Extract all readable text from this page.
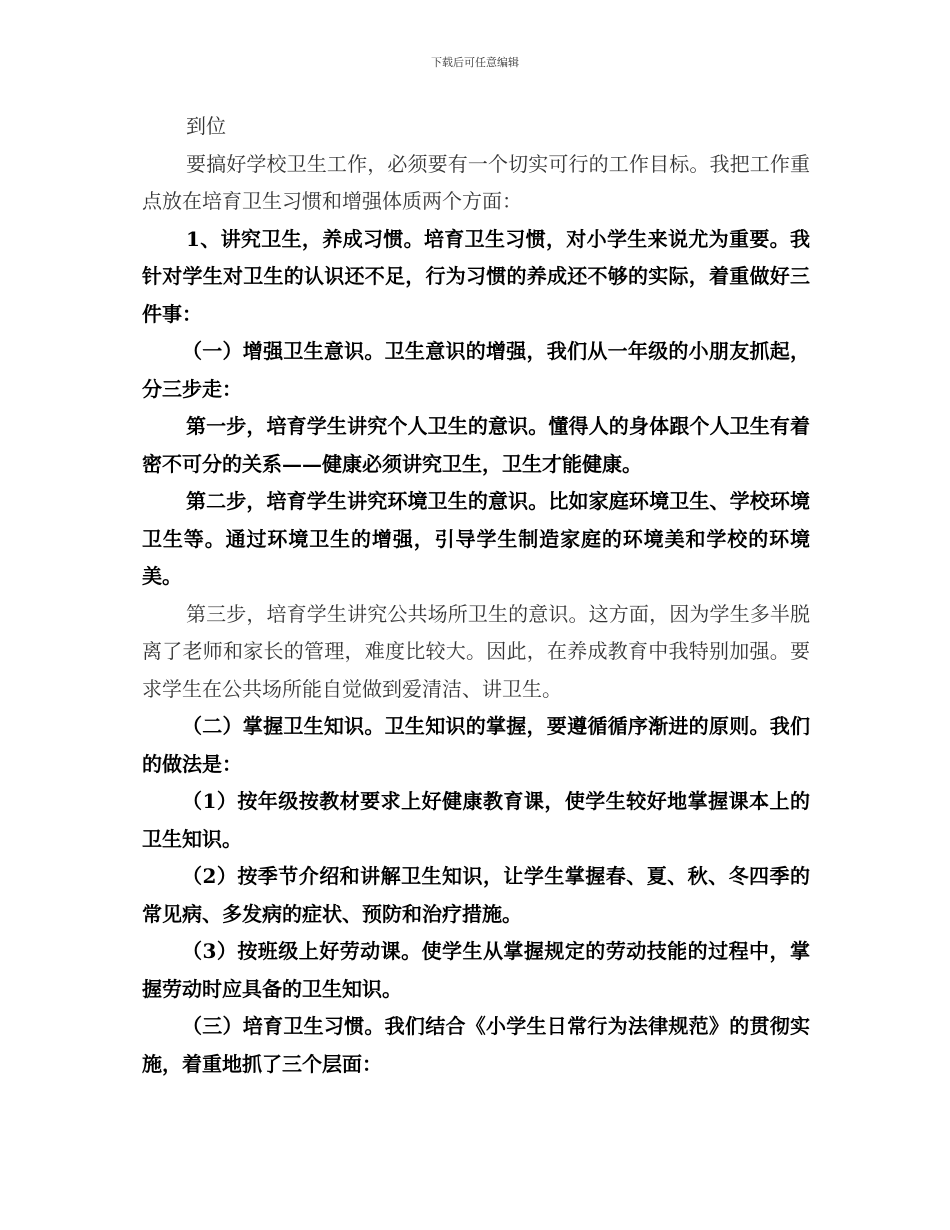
下载后可任意编辑

到位

要搞好学校卫生工作，必须要有一个切实可行的工作目标。我把工作重点放在培育卫生习惯和增强体质两个方面：

1、讲究卫生，养成习惯。培育卫生习惯，对小学生来说尤为重要。我针对学生对卫生的认识还不足，行为习惯的养成还不够的实际，着重做好三件事：

（一）增强卫生意识。卫生意识的增强，我们从一年级的小朋友抓起，分三步走：

第一步，培育学生讲究个人卫生的意识。懂得人的身体跟个人卫生有着密不可分的关系——健康必须讲究卫生，卫生才能健康。

第二步，培育学生讲究环境卫生的意识。比如家庭环境卫生、学校环境卫生等。通过环境卫生的增强，引导学生制造家庭的环境美和学校的环境美。

第三步，培育学生讲究公共场所卫生的意识。这方面，因为学生多半脱离了老师和家长的管理，难度比较大。因此，在养成教育中我特别加强。要求学生在公共场所能自觉做到爱清洁、讲卫生。

（二）掌握卫生知识。卫生知识的掌握，要遵循循序渐进的原则。我们的做法是：

（1）按年级按教材要求上好健康教育课，使学生较好地掌握课本上的卫生知识。

（2）按季节介绍和讲解卫生知识，让学生掌握春、夏、秋、冬四季的常见病、多发病的症状、预防和治疗措施。

（3）按班级上好劳动课。使学生从掌握规定的劳动技能的过程中，掌握劳动时应具备的卫生知识。

（三）培育卫生习惯。我们结合《小学生日常行为法律规范》的贯彻实施，着重地抓了三个层面：
